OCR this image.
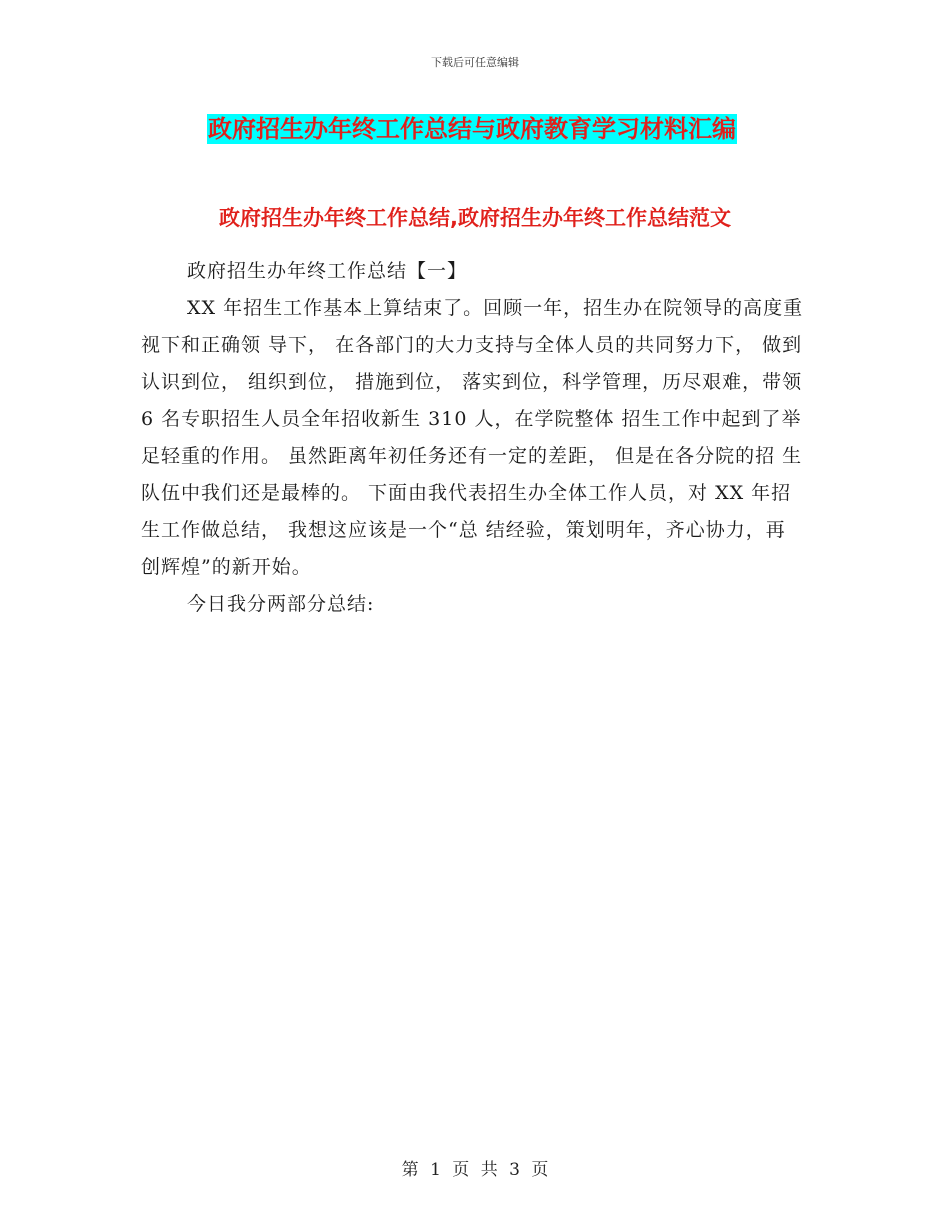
下载后可任意编辑
政府招生办年终工作总结与政府教育学习材料汇编
政府招生办年终工作总结,政府招生办年终工作总结范文
政府招生办年终工作总结【一】
XX 年招生工作基本上算结束了。回顾一年，招生办在院领导的高度重视下和正确领 导下， 在各部门的大力支持与全体人员的共同努力下， 做到认识到位， 组织到位， 措施到位， 落实到位，科学管理，历尽艰难，带领 6 名专职招生人员全年招收新生 310 人，在学院整体 招生工作中起到了举足轻重的作用。 虽然距离年初任务还有一定的差距， 但是在各分院的招 生队伍中我们还是最棒的。 下面由我代表招生办全体工作人员，对 XX 年招生工作做总结， 我想这应该是一个“总 结经验，策划明年，齐心协力，再创辉煌”的新开始。
今日我分两部分总结:
第 1 页 共 3 页
